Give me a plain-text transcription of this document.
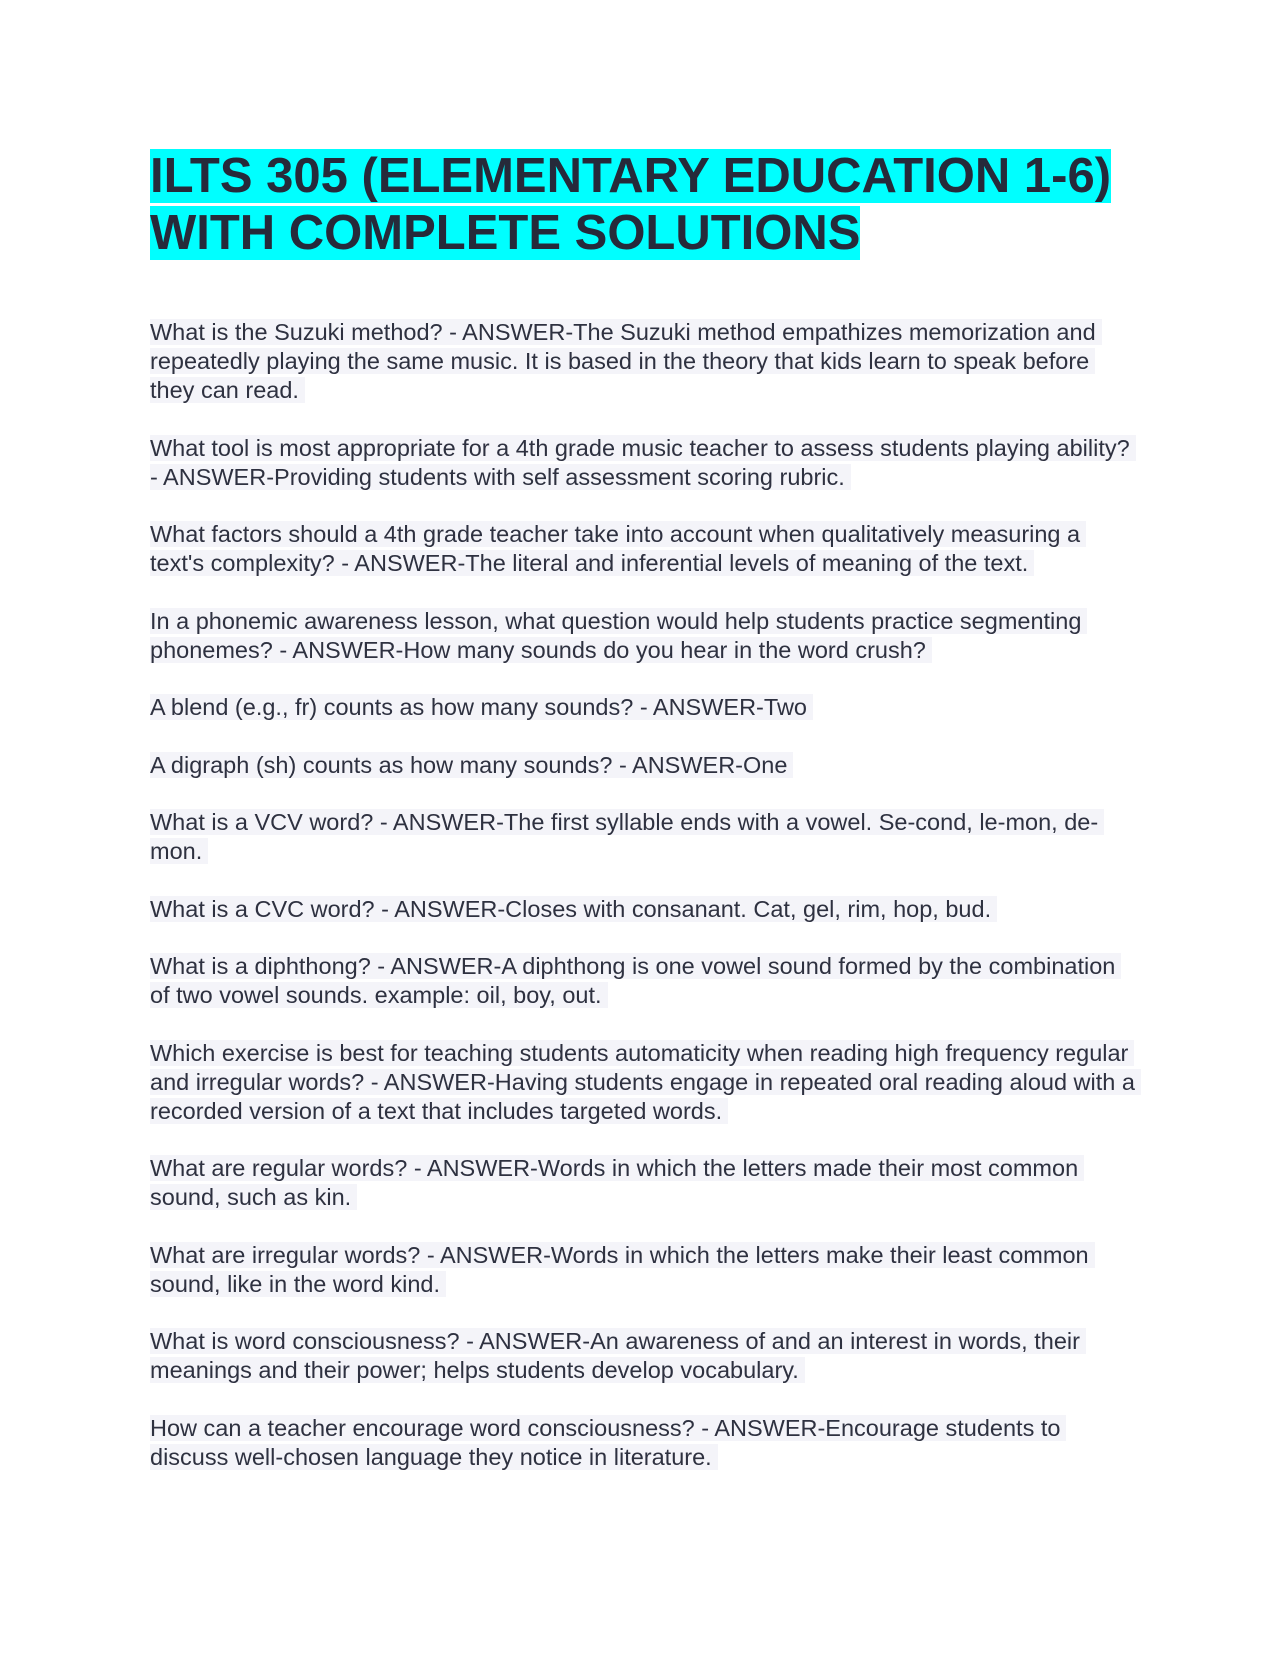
ILTS 305 (ELEMENTARY EDUCATION 1-6) WITH COMPLETE SOLUTIONS

What is the Suzuki method? - ANSWER-The Suzuki method empathizes memorization and repeatedly playing the same music. It is based in the theory that kids learn to speak before they can read.

What tool is most appropriate for a 4th grade music teacher to assess students playing ability? - ANSWER-Providing students with self assessment scoring rubric.

What factors should a 4th grade teacher take into account when qualitatively measuring a text's complexity? - ANSWER-The literal and inferential levels of meaning of the text.

In a phonemic awareness lesson, what question would help students practice segmenting phonemes? - ANSWER-How many sounds do you hear in the word crush?

A blend (e.g., fr) counts as how many sounds? - ANSWER-Two

A digraph (sh) counts as how many sounds? - ANSWER-One

What is a VCV word? - ANSWER-The first syllable ends with a vowel. Se-cond, le-mon, de-mon.

What is a CVC word? - ANSWER-Closes with consanant. Cat, gel, rim, hop, bud.

What is a diphthong? - ANSWER-A diphthong is one vowel sound formed by the combination of two vowel sounds. example: oil, boy, out.

Which exercise is best for teaching students automaticity when reading high frequency regular and irregular words? - ANSWER-Having students engage in repeated oral reading aloud with a recorded version of a text that includes targeted words.

What are regular words? - ANSWER-Words in which the letters made their most common sound, such as kin.

What are irregular words? - ANSWER-Words in which the letters make their least common sound, like in the word kind.

What is word consciousness? - ANSWER-An awareness of and an interest in words, their meanings and their power; helps students develop vocabulary.

How can a teacher encourage word consciousness? - ANSWER-Encourage students to discuss well-chosen language they notice in literature.
